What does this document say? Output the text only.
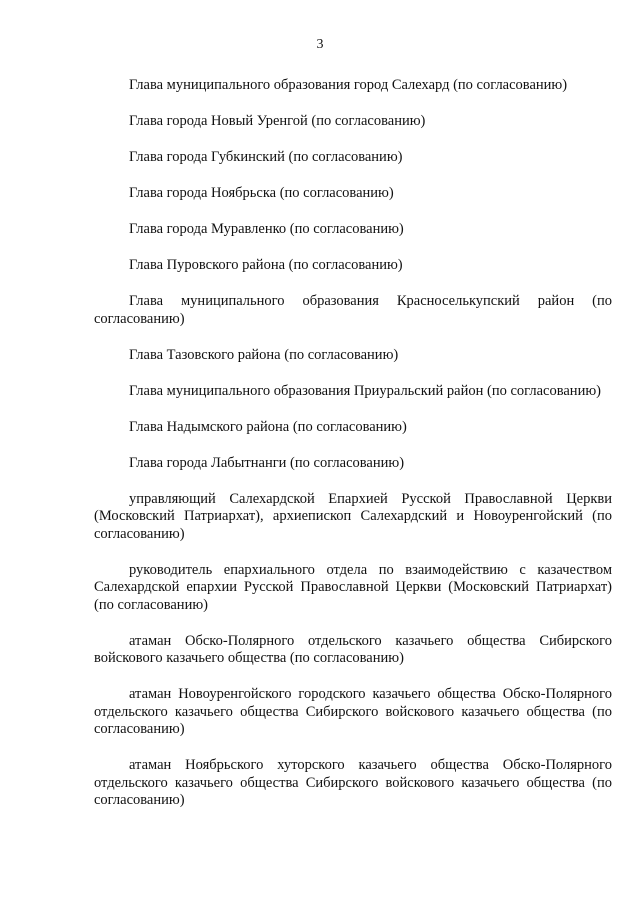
3

Глава муниципального образования город Салехард (по согласованию)

Глава города Новый Уренгой (по согласованию)

Глава города Губкинский (по согласованию)

Глава города Ноябрьска (по согласованию)

Глава города Муравленко (по согласованию)

Глава Пуровского района (по согласованию)

Глава муниципального образования Красноселькупский район (по согласованию)

Глава Тазовского района (по согласованию)

Глава муниципального образования Приуральский район (по согласованию)

Глава Надымского района (по согласованию)

Глава города Лабытнанги (по согласованию)

управляющий Салехардской Епархией Русской Православной Церкви (Московский Патриархат), архиепископ Салехардский и Новоуренгойский (по согласованию)

руководитель епархиального отдела по взаимодействию с казачеством Салехардской епархии Русской Православной Церкви (Московский Патриархат) (по согласованию)

атаман Обско-Полярного отдельского казачьего общества Сибирского войскового казачьего общества (по согласованию)

атаман Новоуренгойского городского казачьего общества Обско-Полярного отдельского казачьего общества Сибирского войскового казачьего общества (по согласованию)

атаман Ноябрьского хуторского казачьего общества Обско-Полярного отдельского казачьего общества Сибирского войскового казачьего общества (по согласованию)
